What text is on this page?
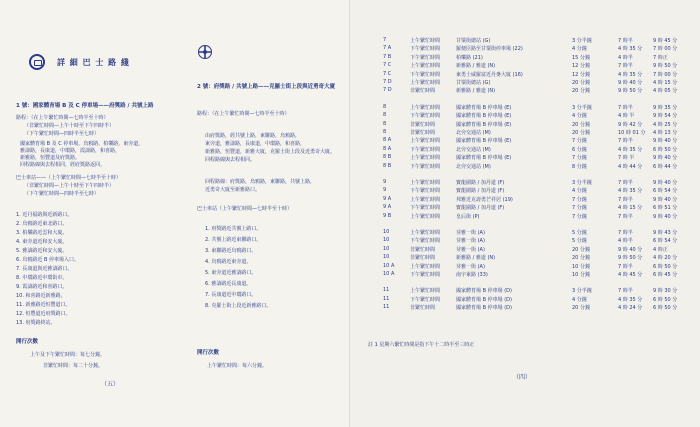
詳 細 巴 士 路 綫
1 號：國家體育場 B 及 C 停車場——府獎路 / 共號上路
路程：（在上午繁忙時間—七時半至十時）
（非繁忙時間—上午十時至下午四時半）
（下午繁忙時間—四時半至七時）
國家體育場 B 及 C 停車場，烏鴉路，柏樂路，東旁道，
雅濤路，長康道，中環路，霞濤路，和喜路，
新雅路，恒豐道及府獎路。
回程路線與去程相同，經府獎路返回。
巴士車站——（上午繁忙時間—七時半至十時）
（非繁忙時間—上午十時至下午四時半）
（下午繁忙時間—四時半至七時）
1. 近丹福路與近新路口。
2. 烏鴉路近東北路口。
3. 柏樂路近雲和大廈。
4. 東旁道近和安大廈。
5. 雅濤路近和安大廈。
6. 烏鴉路近 B 停車場入口。
7. 長康道與近雅濤路口。
8. 中環路近中環街市。
9. 霞濤路近和喜路口。
10. 和喜路近新雅路。
11. 新雅路近恒豐道口。
12. 恒豐道近府獎路口。
13. 府獎路終站。
開行次數
上午及下午繁忙時間：每七分鐘。
非繁忙時間：每二十分鐘。
（五）
2 號：府獎路 / 共號上路——克羅士街上段與近勇奇大廈
路程：（在上午繁忙時間—七時半至十時）
由府獎路，經共號上路，東聯路，烏鴉路，
東旁道，雅濤路，長康道，中環路，和喜路，
新雅路，恒豐道，新雅大廈，克羅士街上段及近勇奇大廈。
回程路線與去程相同。
回程路線：府獎路，烏鴉路，東聯路，共號上路，
近勇奇大廈至新雅路口。
巴士車站（上午繁忙時間—七時半至十時）
1. 府獎路近共號上路口。
2. 共號上路近東聯路口。
3. 東聯路近烏鴉路口。
4. 烏鴉路近東旁道。
5. 東旁道近雅濤路口。
6. 雅濤路近長康道。
7. 長康道近中環路口。
8. 克羅士街上段近新雅路口。
開行次數
上午繁忙時間：每六分鐘。
7	上午繁忙時間	甘粟街總站 (G)	3 分半鐘	7 時半	9 時 45 分
7 A	下午繁忙時間	羅便臣路至甘粟街停車場 (22)	4 分鐘	4 時 35 分 7 時 00 分
7 B	下午繁忙時間	柏樂路 (21)	15 分鐘	4 時半	7 時正
7 C	上午繁忙時間	新雅路 / 雅道 (N)	12 分鐘	7 時半	9 時 50 分
7 C	下午繁忙時間	東勇士威羅富近丹麥大廈 (16)	12 分鐘	4 時 35 分 7 時 00 分
7 D	上午繁忙時間	甘粟街總站 (G)	20 分鐘	9 時 40 分 4 時 15 分
7 D	非繁忙時間	新雅路 / 雅道 (N)	20 分鐘	9 時 50 分 4 時 05 分
8	上午繁忙時間	國家體育場 B 停車場 (E)	3 分半鐘	7 時半	9 時 35 分
8	下午繁忙時間	國家體育場 B 停車場 (E)	4 分鐘	4 時 半	9 時 54 分
8	非繁忙時間	國家體育場 B 停車場 (E)	20 分鐘	9 時 42 分 4 時 25 分
8	非繁忙時間	北旁交通站 (M)	20 分鐘	10 時 01 分 4 時 13 分
8 A	上午繁忙時間	國家體育場 B 停車場 (E)	7 分鐘	7 時半	9 時 40 分
8 A	下午繁忙時間	北旁交通站 (M)	6 分鐘	4 時 35 分 6 時 50 分
8 B	上午繁忙時間	國家體育場 B 停車場 (E)	7 分鐘	7 時 半	9 時 40 分
8 B	下午繁忙時間	北旁交通站 (M)	8 分鐘	4 時 44 分 6 時 44 分
9	上午繁忙時間	寶龍圍路 / 加丹道 (F)	3 分半鐘	7 時半	9 時 40 分
9	下午繁忙時間	寶龍圍路 / 加丹道 (F)	4 分鐘	4 時 35 分 6 時 54 分
9 A	上午繁忙時間	邦雅近克壽勇芒祥居 (19)	7 分鐘	7 時半	9 時 40 分
9 A	下午繁忙時間	寶龍圍路 / 加丹道 (F)	7 分鐘	4 時 15 分 6 時 51 分
9 B	上午繁忙時間	皇后街 (P)	7 分鐘	7 時半	9 時 40 分
10	上午繁忙時間	芽雅一街 (A)	5 分鐘	7 時半	9 時 43 分
10	下午繁忙時間	芽雅一街 (A)	5 分鐘	4 時半	6 時 54 分
10	非繁忙時間	芽雅一街 (A)	20 分鐘	9 時 40 分 4 時正
10	非繁忙時間	新雅路 / 雅道 (N)	20 分鐘	9 時 50 分 4 時 20 分
10 A	上午繁忙時間	芽雅一街 (A)	10 分鐘	7 時半	6 時 50 分
10 A	下午繁忙時間	南宇東路 (33)	10 分鐘	4 時 45 分 6 時 45 分
11	上午繁忙時間	國家體育場 B 停車場 (D)	3 分半鐘	7 時半	9 時 30 分
11	下午繁忙時間	國家體育場 B 停車場 (D)	4 分鐘	4 時 35 分 6 時 50 分
11	非繁忙時間	國家體育場 B 停車場 (D)	20 分鐘	4 時 24 分 6 時 50 分
註 1 星期六繁忙時間是指下午十二時半至三時正
（四）
